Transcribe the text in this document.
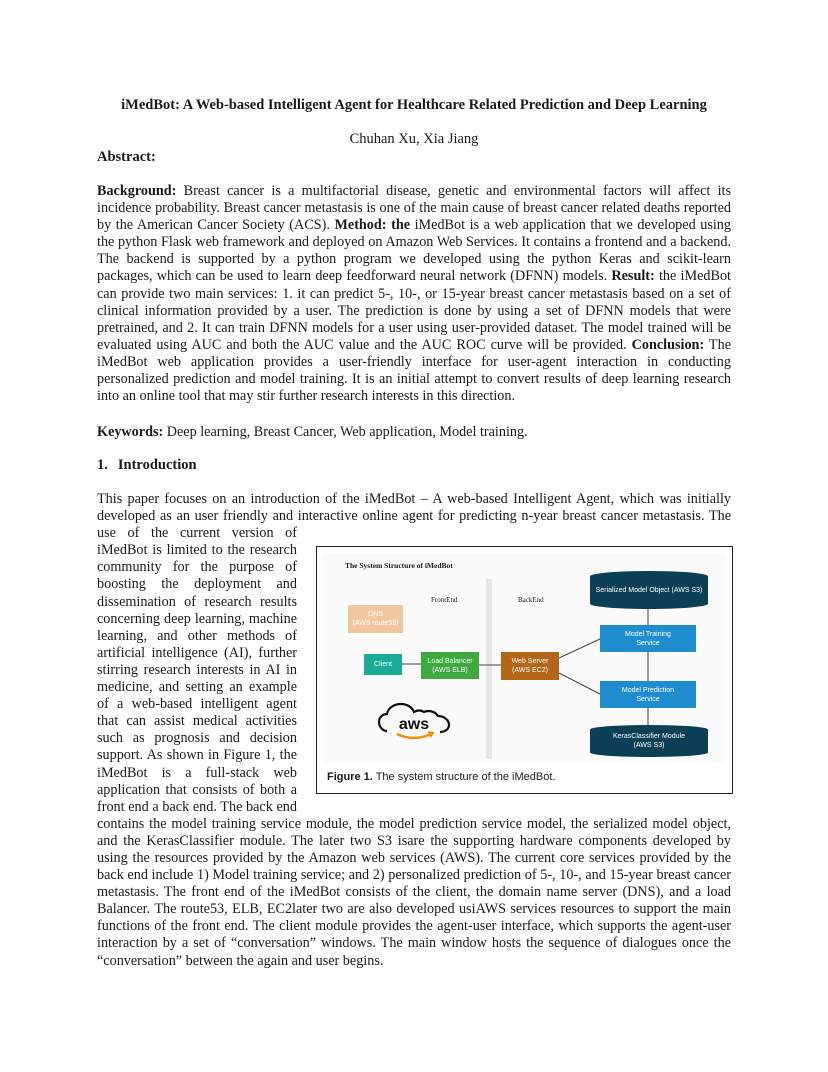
iMedBot: A Web-based Intelligent Agent for Healthcare Related Prediction and Deep Learning
Chuhan Xu, Xia Jiang
Abstract:
Background: Breast cancer is a multifactorial disease, genetic and environmental factors will affect its incidence probability. Breast cancer metastasis is one of the main cause of breast cancer related deaths reported by the American Cancer Society (ACS). Method: the iMedBot is a web application that we developed using the python Flask web framework and deployed on Amazon Web Services. It contains a frontend and a backend. The backend is supported by a python program we developed using the python Keras and scikit-learn packages, which can be used to learn deep feedforward neural network (DFNN) models. Result: the iMedBot can provide two main services: 1. it can predict 5-, 10-, or 15-year breast cancer metastasis based on a set of clinical information provided by a user. The prediction is done by using a set of DFNN models that were pretrained, and 2. It can train DFNN models for a user using user-provided dataset. The model trained will be evaluated using AUC and both the AUC value and the AUC ROC curve will be provided. Conclusion: The iMedBot web application provides a user-friendly interface for user-agent interaction in conducting personalized prediction and model training. It is an initial attempt to convert results of deep learning research into an online tool that may stir further research interests in this direction.
Keywords: Deep learning, Breast Cancer, Web application, Model training.
1. Introduction
This paper focuses on an introduction of the iMedBot – A web-based Intelligent Agent, which was initially developed as an user friendly and interactive online agent for predicting n-year breast cancer metastasis. The use of the current version of iMedBot is limited to the research community for the purpose of boosting the deployment and dissemination of research results concerning deep learning, machine learning, and other methods of artificial intelligence (AI), further stirring research interests in AI in medicine, and setting an example of a web-based intelligent agent that can assist medical activities such as prognosis and decision support. As shown in Figure 1, the iMedBot is a full-stack web application that consists of both a front end a back end. The back end contains the model training service module, the model prediction service model, the serialized model object, and the KerasClassifier module. The later two S3 isare the supporting hardware components developed by using the resources provided by the Amazon web services (AWS). The current core services provided by the back end include 1) Model training service; and 2) personalized prediction of 5-, 10-, and 15-year breast cancer metastasis. The front end of the iMedBot consists of the client, the domain name server (DNS), and a load Balancer. The route53, ELB, EC2later two are also developed usiAWS services resources to support the main functions of the front end. The client module provides the agent-user interface, which supports the agent-user interaction by a set of “conversation” windows. The main window hosts the sequence of dialogues once the “conversation” between the again and user begins.
The System Structure of iMedBot
FrontEnd	BackEnd
DNS
(AWS route53)
Client	Load Balancer
(AWS ELB)
Web Server
(AWS EC2)
Serialized Model Object (AWS S3)
Model Training
Service
Model Prediction
Service
KerasClassifier Module
(AWS S3)
aws
Figure 1. The system structure of the iMedBot.
